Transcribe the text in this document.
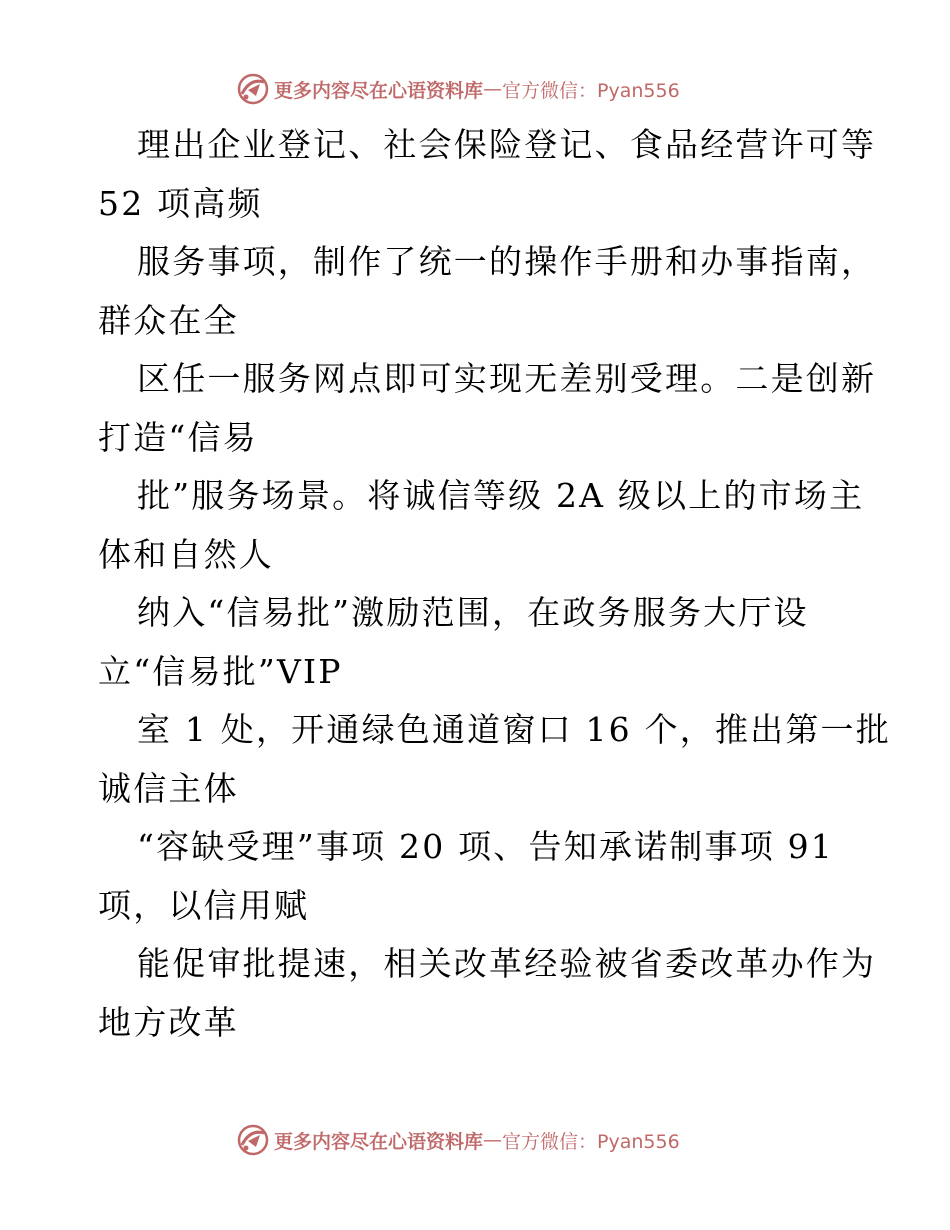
更多内容尽在心语资料库 — 官方微信：Pyan556
理出企业登记、社会保险登记、食品经营许可等
52 项高频
服务事项，制作了统一的操作手册和办事指南，
群众在全
区任一服务网点即可实现无差别受理。二是创新
打造“信易
批”服务场景。将诚信等级 2A 级以上的市场主
体和自然人
纳入“信易批”激励范围，在政务服务大厅设
立“信易批”VIP
室 1 处，开通绿色通道窗口 16 个，推出第一批
诚信主体
“容缺受理”事项 20 项、告知承诺制事项 91
项，以信用赋
能促审批提速，相关改革经验被省委改革办作为
地方改革
更多内容尽在心语资料库 — 官方微信：Pyan556
